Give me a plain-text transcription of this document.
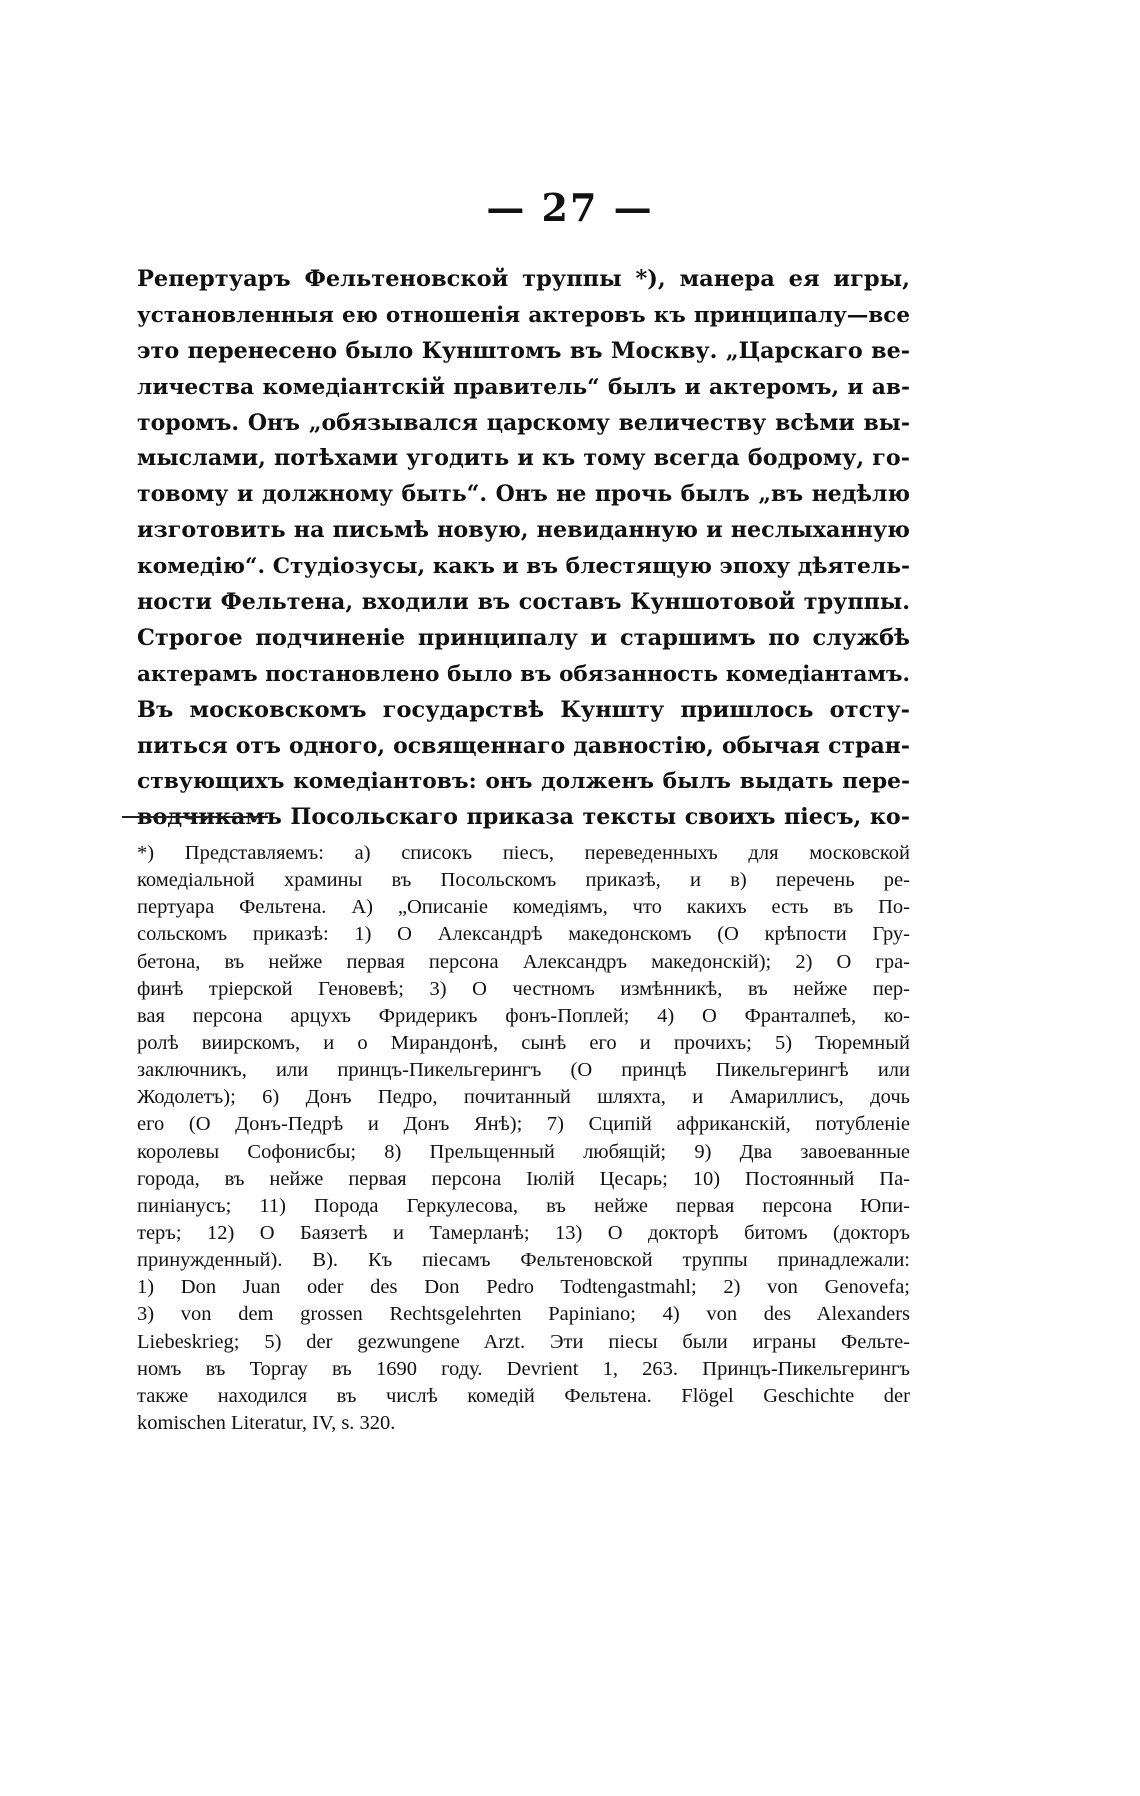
— 27 —
Репертуаръ Фельтеновской труппы *), манера ея игры,
установленныя ею отношенія актеровъ къ принципалу—все
это перенесено было Кунштомъ въ Москву. „Царскаго ве-
личества комедіантскій правитель“ былъ и актеромъ, и ав-
торомъ. Онъ „обязывался царскому величеству всѣми вы-
мыслами, потѣхами угодить и къ тому всегда бодрому, го-
товому и должному быть“. Онъ не прочь былъ „въ недѣлю
изготовить на письмѣ новую, невиданную и неслыханную
комедію“. Студіозусы, какъ и въ блестящую эпоху дѣятель-
ности Фельтена, входили въ составъ Куншотовой труппы.
Строгое подчиненіе принципалу и старшимъ по службѣ
актерамъ постановлено было въ обязанность комедіантамъ.
Въ московскомъ государствѣ Куншту пришлось отсту-
питься отъ одного, освященнаго давностію, обычая стран-
ствующихъ комедіантовъ: онъ долженъ былъ выдать пере-
водчикамъ Посольскаго приказа тексты своихъ піесъ, ко-
*) Представляемъ: а) списокъ піесъ, переведенныхъ для московской
комедіальной храмины въ Посольскомъ приказѣ, и в) перечень ре-
пертуара Фельтена. А) „Описаніе комедіямъ, что какихъ есть въ По-
сольскомъ приказѣ: 1) О Александрѣ македонскомъ (О крѣпости Гру-
бетона, въ нейже первая персона Александръ македонскій); 2) О гра-
финѣ тріерской Геновевѣ; 3) О честномъ измѣнникѣ, въ нейже пер-
вая персона арцухъ Фридерикъ фонъ-Поплей; 4) О Франталпеѣ, ко-
ролѣ виирскомъ, и о Мирандонѣ, сынѣ его и прочихъ; 5) Тюремный
заключникъ, или принцъ-Пикельгерингъ (О принцѣ Пикельгерингѣ или
Жодолетъ); 6) Донъ Педро, почитанный шляхта, и Амариллисъ, дочь
его (О Донъ-Педрѣ и Донъ Янѣ); 7) Сципій африканскій, потубленіе
королевы Софонисбы; 8) Прельщенный любящій; 9) Два завоеванные
города, въ нейже первая персона Іюлій Цесарь; 10) Постоянный Па-
пиніанусъ; 11) Порода Геркулесова, въ нейже первая персона Юпи-
теръ; 12) О Баязетѣ и Тамерланѣ; 13) О докторѣ битомъ (докторъ
принужденный). В). Къ піесамъ Фельтеновской труппы принадлежали:
1) Don Juan oder des Don Pedro Todtengastmahl; 2) von Genovefa;
3) von dem grossen Rechtsgelehrten Papiniano; 4) von des Alexanders
Liebeskrieg; 5) der gezwungene Arzt. Эти піесы были играны Фельте-
номъ въ Торгау въ 1690 году. Devrient 1, 263. Принцъ-Пикельгерингъ
также находился въ числѣ комедій Фельтена. Flögel Geschichte der
komischen Literatur, IV, s. 320.
